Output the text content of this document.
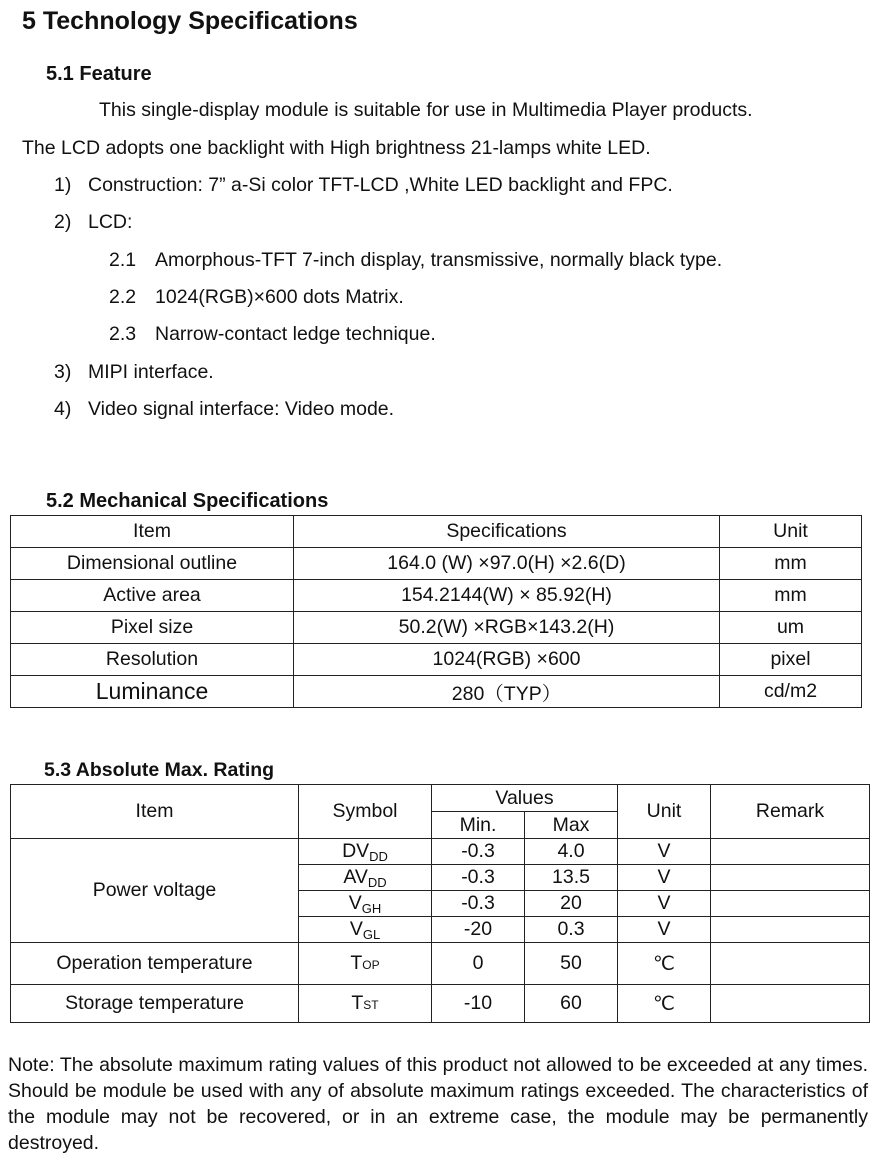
5 Technology Specifications
5.1 Feature
This single-display module is suitable for use in Multimedia Player products.
The LCD adopts one backlight with High brightness 21-lamps white LED.
1) Construction: 7” a-Si color TFT-LCD ,White LED backlight and FPC.
2) LCD:
2.1 Amorphous-TFT 7-inch display, transmissive, normally black type.
2.2 1024(RGB)×600 dots Matrix.
2.3 Narrow-contact ledge technique.
3) MIPI interface.
4) Video signal interface: Video mode.
5.2 Mechanical Specifications
Item	Specifications	Unit
Dimensional outline	164.0 (W) ×97.0(H) ×2.6(D)	mm
Active area	154.2144(W) × 85.92(H)	mm
Pixel size	50.2(W) ×RGB×143.2(H)	um
Resolution	1024(RGB) ×600	pixel
Luminance	280（TYP）	cd/m2
5.3 Absolute Max. Rating
Item	Symbol	Values		Unit	Remark
		Min.	Max		
Power voltage	$DV_{DD}$	-0.3	4.0	V	
	$AV_{DD}$	-0.3	13.5	V	
	$V_{GH}$	-0.3	20	V	
	$V_{GL}$	-20	0.3	V	
Operation temperature	TOP	0	50	℃	
Storage temperature	TST	-10	60	℃	
Note: The absolute maximum rating values of this product not allowed to be exceeded at any times. Should be module be used with any of absolute maximum ratings exceeded. The characteristics of the module may not be recovered, or in an extreme case, the module may be permanently destroyed.
